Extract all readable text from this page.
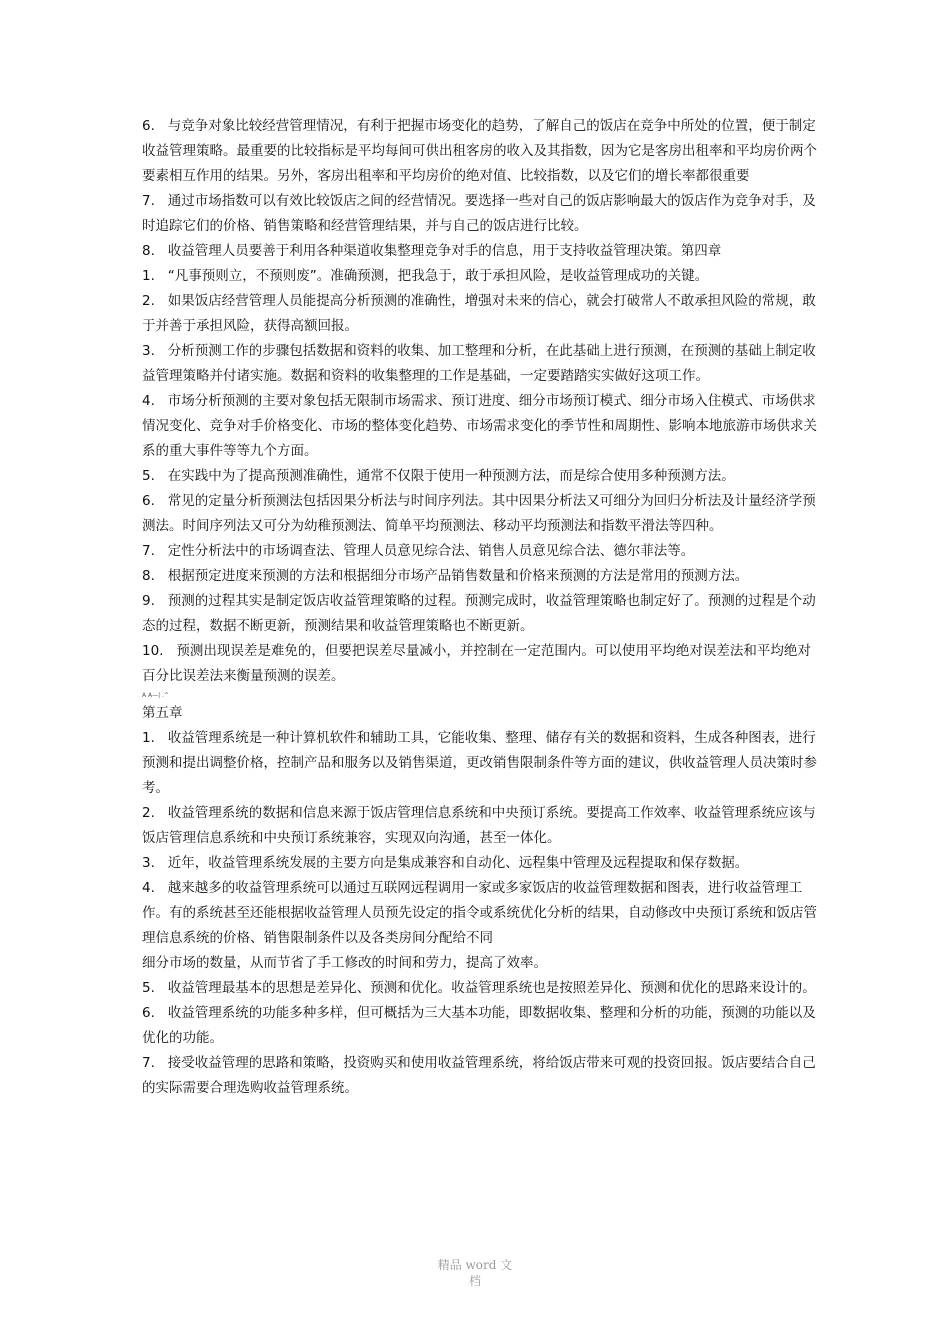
6. 与竞争对象比较经营管理情况，有利于把握市场变化的趋势，了解自己的饭店在竞争中所处的位置，便于制定收益管理策略。最重要的比较指标是平均每间可供出租客房的收入及其指数，因为它是客房出租率和平均房价两个要素相互作用的结果。另外，客房出租率和平均房价的绝对值、比较指数，以及它们的增长率都很重要

7. 通过市场指数可以有效比较饭店之间的经营情况。要选择一些对自己的饭店影响最大的饭店作为竞争对手，及时追踪它们的价格、销售策略和经营管理结果，并与自己的饭店进行比较。

8. 收益管理人员要善于利用各种渠道收集整理竞争对手的信息，用于支持收益管理决策。第四章

1. “凡事预则立，不预则废”。准确预测，把我急于，敢于承担风险，是收益管理成功的关键。

2. 如果饭店经营管理人员能提高分析预测的准确性，增强对未来的信心，就会打破常人不敢承担风险的常规，敢于并善于承担风险，获得高额回报。

3. 分析预测工作的步骤包括数据和资料的收集、加工整理和分析，在此基础上进行预测，在预测的基础上制定收益管理策略并付诸实施。数据和资料的收集整理的工作是基础，一定要踏踏实实做好这项工作。

4. 市场分析预测的主要对象包括无限制市场需求、预订进度、细分市场预订模式、细分市场入住模式、市场供求情况变化、竞争对手价格变化、市场的整体变化趋势、市场需求变化的季节性和周期性、影响本地旅游市场供求关系的重大事件等等九个方面。

5. 在实践中为了提高预测准确性，通常不仅限于使用一种预测方法，而是综合使用多种预测方法。

6. 常见的定量分析预测法包括因果分析法与时间序列法。其中因果分析法又可细分为回归分析法及计量经济学预测法。时间序列法又可分为幼稚预测法、简单平均预测法、移动平均预测法和指数平滑法等四种。

7. 定性分析法中的市场调查法、管理人员意见综合法、销售人员意见综合法、德尔菲法等。

8. 根据预定进度来预测的方法和根据细分市场产品销售数量和价格来预测的方法是常用的预测方法。

9. 预测的过程其实是制定饭店收益管理策略的过程。预测完成时，收益管理策略也制定好了。预测的过程是个动态的过程，数据不断更新，预测结果和收益管理策略也不断更新。

10. 预测出现误差是难免的，但要把误差尽量减小，并控制在一定范围内。可以使用平均绝对误差法和平均绝对百分比误差法来衡量预测的误差。

A A—| .^
第五章

1. 收益管理系统是一种计算机软件和辅助工具，它能收集、整理、储存有关的数据和资料，生成各种图表，进行预测和提出调整价格，控制产品和服务以及销售渠道，更改销售限制条件等方面的建议，供收益管理人员决策时参考。

2. 收益管理系统的数据和信息来源于饭店管理信息系统和中央预订系统。要提高工作效率、收益管理系统应该与饭店管理信息系统和中央预订系统兼容，实现双向沟通，甚至一体化。

3. 近年，收益管理系统发展的主要方向是集成兼容和自动化、远程集中管理及远程提取和保存数据。

4. 越来越多的收益管理系统可以通过互联网远程调用一家或多家饭店的收益管理数据和图表，进行收益管理工作。有的系统甚至还能根据收益管理人员预先设定的指令或系统优化分析的结果，自动修改中央预订系统和饭店管理信息系统的价格、销售限制条件以及各类房间分配给不同

细分市场的数量，从而节省了手工修改的时间和劳力，提高了效率。

5. 收益管理最基本的思想是差异化、预测和优化。收益管理系统也是按照差异化、预测和优化的思路来设计的。

6. 收益管理系统的功能多种多样，但可概括为三大基本功能，即数据收集、整理和分析的功能，预测的功能以及优化的功能。

7. 接受收益管理的思路和策略，投资购买和使用收益管理系统，将给饭店带来可观的投资回报。饭店要结合自己的实际需要合理选购收益管理系统。

精品 word 文
档
